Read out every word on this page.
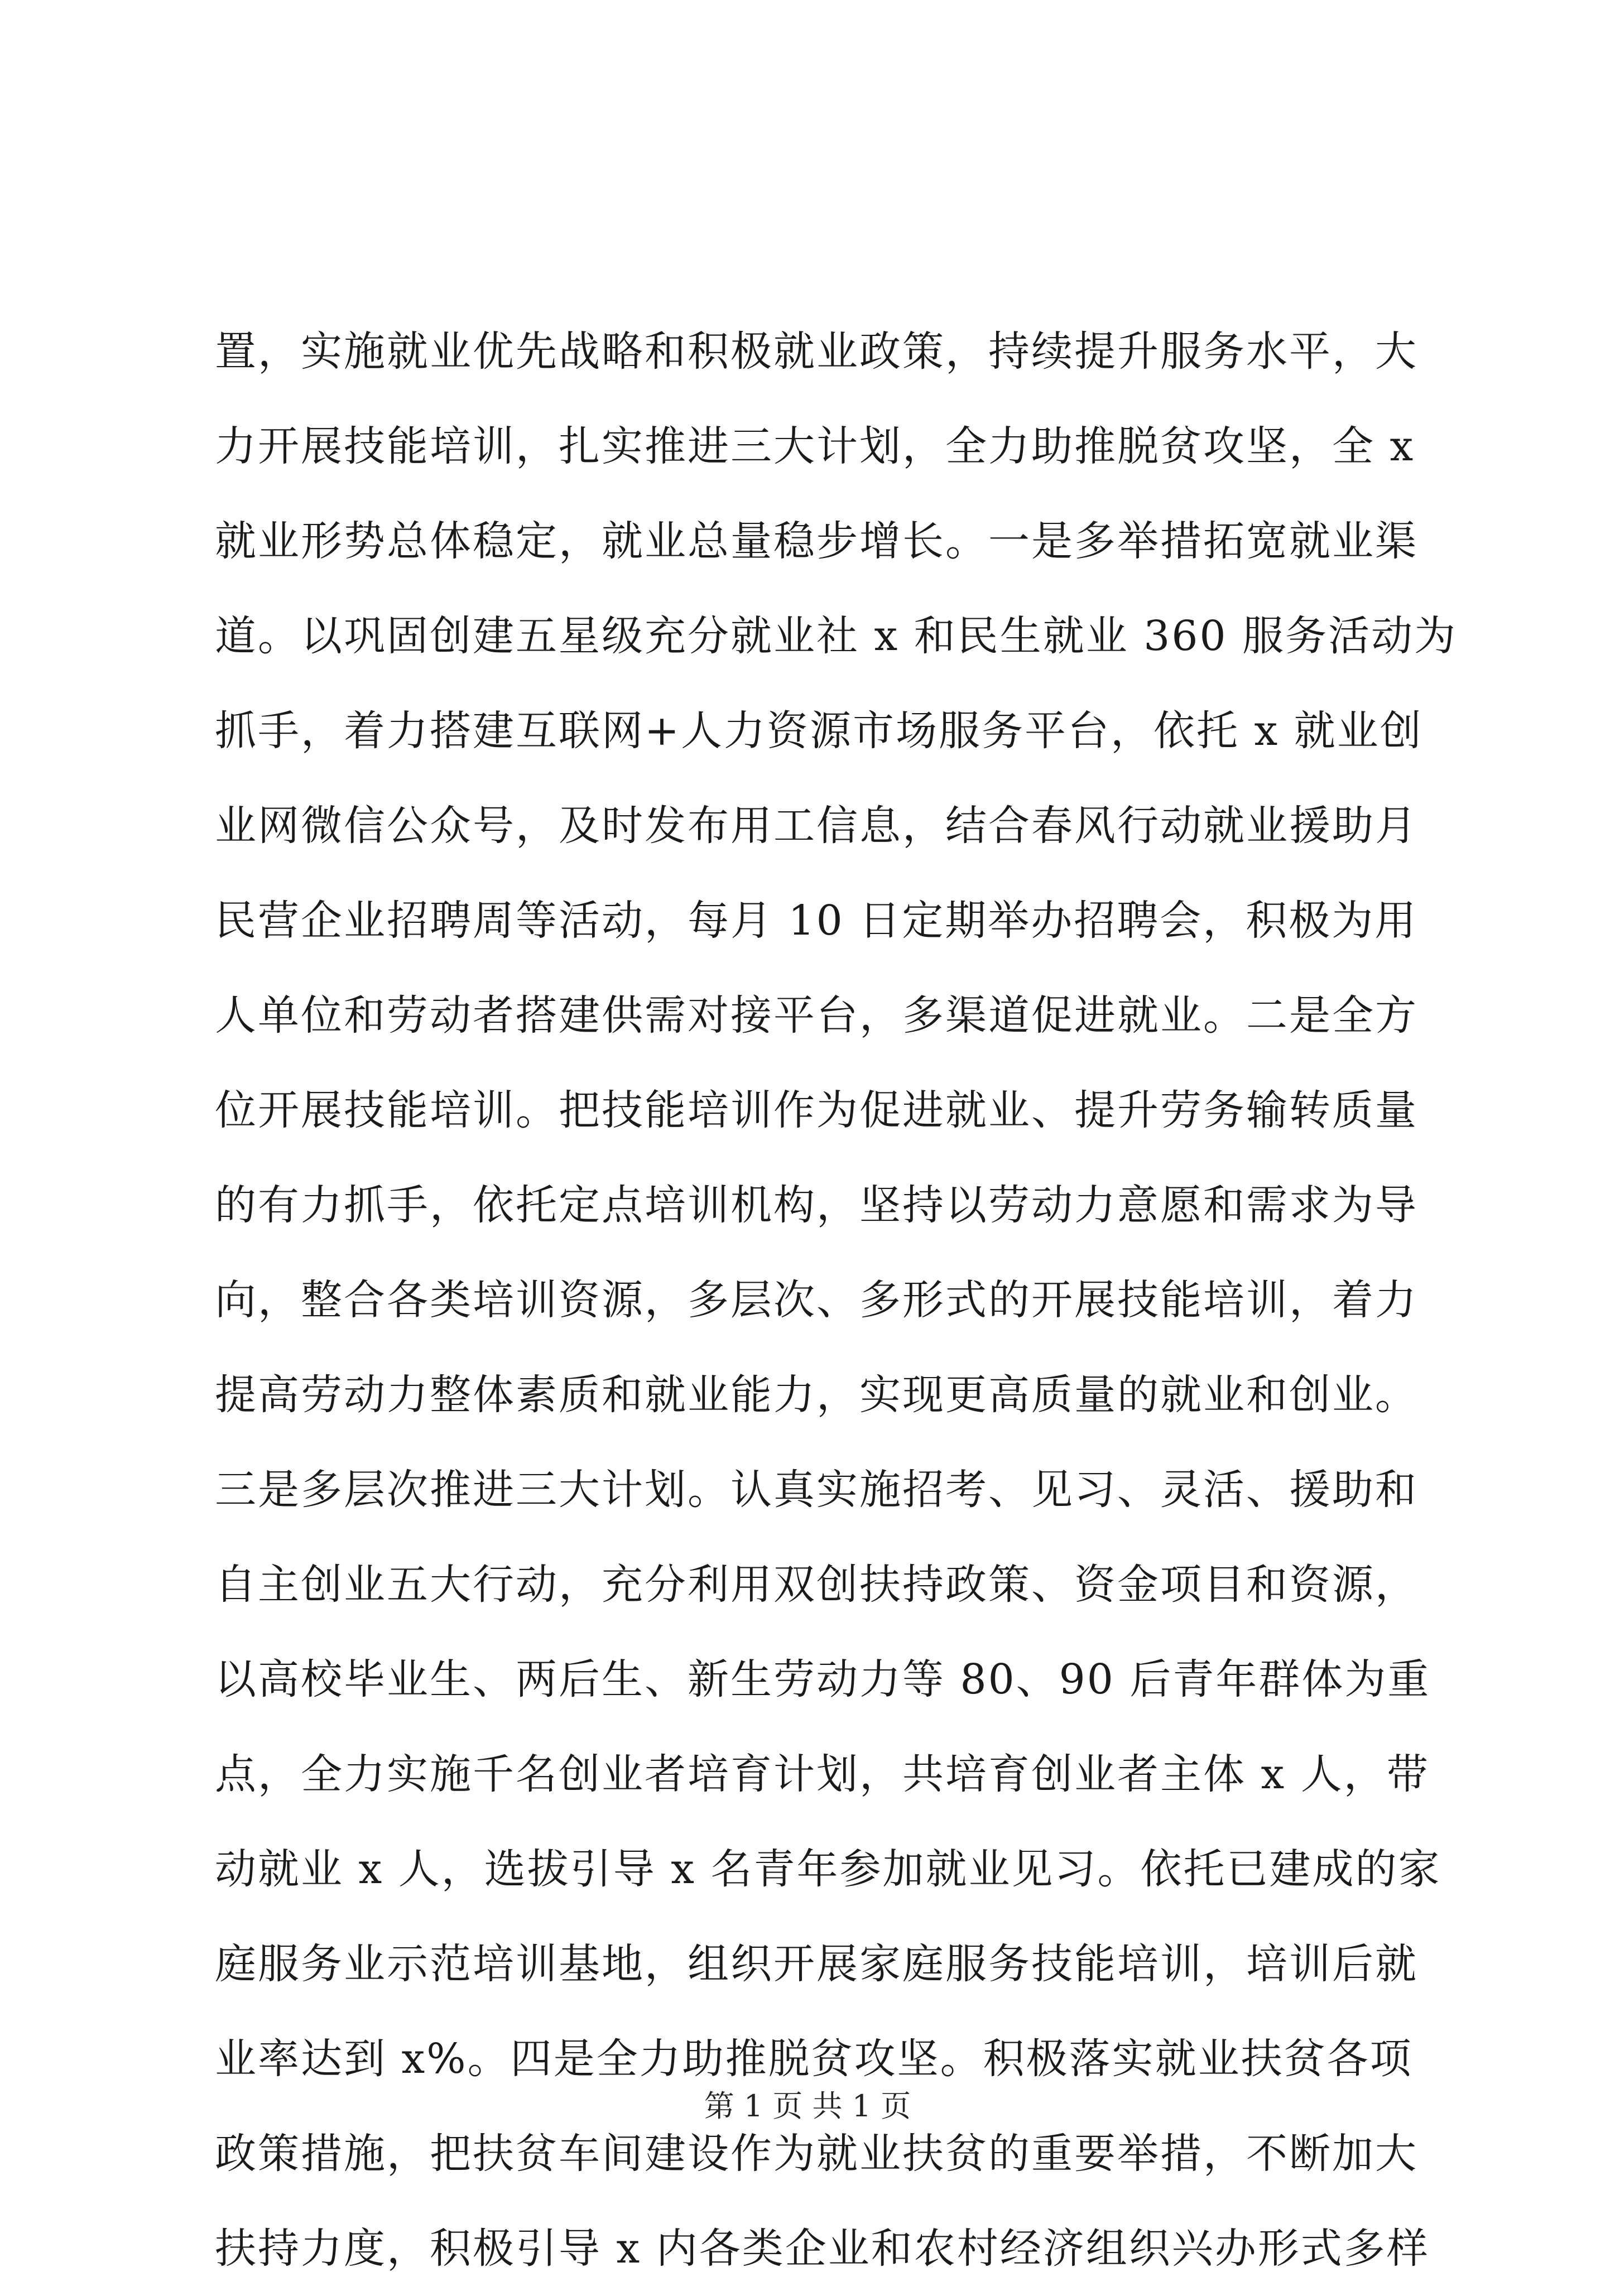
置，实施就业优先战略和积极就业政策，持续提升服务水平，大
力开展技能培训，扎实推进三大计划，全力助推脱贫攻坚，全 x
就业形势总体稳定，就业总量稳步增长。一是多举措拓宽就业渠
道。以巩固创建五星级充分就业社 x 和民生就业 360 服务活动为
抓手，着力搭建互联网+人力资源市场服务平台，依托 x 就业创
业网微信公众号，及时发布用工信息，结合春风行动就业援助月
民营企业招聘周等活动，每月 10 日定期举办招聘会，积极为用
人单位和劳动者搭建供需对接平台，多渠道促进就业。二是全方
位开展技能培训。把技能培训作为促进就业、提升劳务输转质量
的有力抓手，依托定点培训机构，坚持以劳动力意愿和需求为导
向，整合各类培训资源，多层次、多形式的开展技能培训，着力
提高劳动力整体素质和就业能力，实现更高质量的就业和创业。
三是多层次推进三大计划。认真实施招考、见习、灵活、援助和
自主创业五大行动，充分利用双创扶持政策、资金项目和资源，
以高校毕业生、两后生、新生劳动力等 80、90 后青年群体为重
点，全力实施千名创业者培育计划，共培育创业者主体 x 人，带
动就业 x 人，选拔引导 x 名青年参加就业见习。依托已建成的家
庭服务业示范培训基地，组织开展家庭服务技能培训，培训后就
业率达到 x%。四是全力助推脱贫攻坚。积极落实就业扶贫各项
政策措施，把扶贫车间建设作为就业扶贫的重要举措，不断加大
扶持力度，积极引导 x 内各类企业和农村经济组织兴办形式多样
第 1 页 共 1 页
